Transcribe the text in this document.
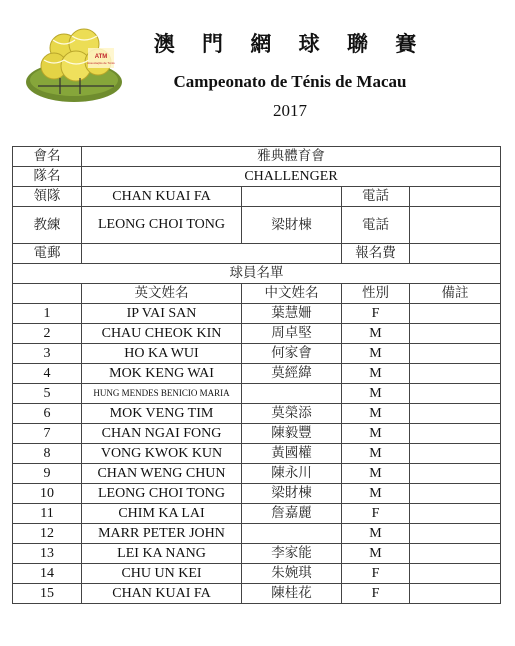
ATM
Associação de Ténis
澳 門 網 球 聯 賽
Campeonato de Ténis de Macau
2017
會名	雅典體育會			
隊名	CHALLENGER			
領隊	CHAN KUAI FA		電話	
教練	LEONG CHOI TONG	梁財棟	電話	
電郵			報名費	
球員名單				
	英文姓名	中文姓名	性別	備註
1	IP VAI SAN	葉慧姍	F	
2	CHAU CHEOK KIN	周卓堅	M	
3	HO KA WUI	何家會	M	
4	MOK KENG WAI	莫經緯	M	
5	HUNG MENDES BENICIO MARIA		M	
6	MOK VENG TIM	莫榮添	M	
7	CHAN NGAI FONG	陳毅豐	M	
8	VONG KWOK KUN	黃國權	M	
9	CHAN WENG CHUN	陳永川	M	
10	LEONG CHOI TONG	梁財棟	M	
11	CHIM KA LAI	詹嘉麗	F	
12	MARR PETER JOHN		M	
13	LEI KA NANG	李家能	M	
14	CHU UN KEI	朱婉琪	F	
15	CHAN KUAI FA	陳桂花	F	
